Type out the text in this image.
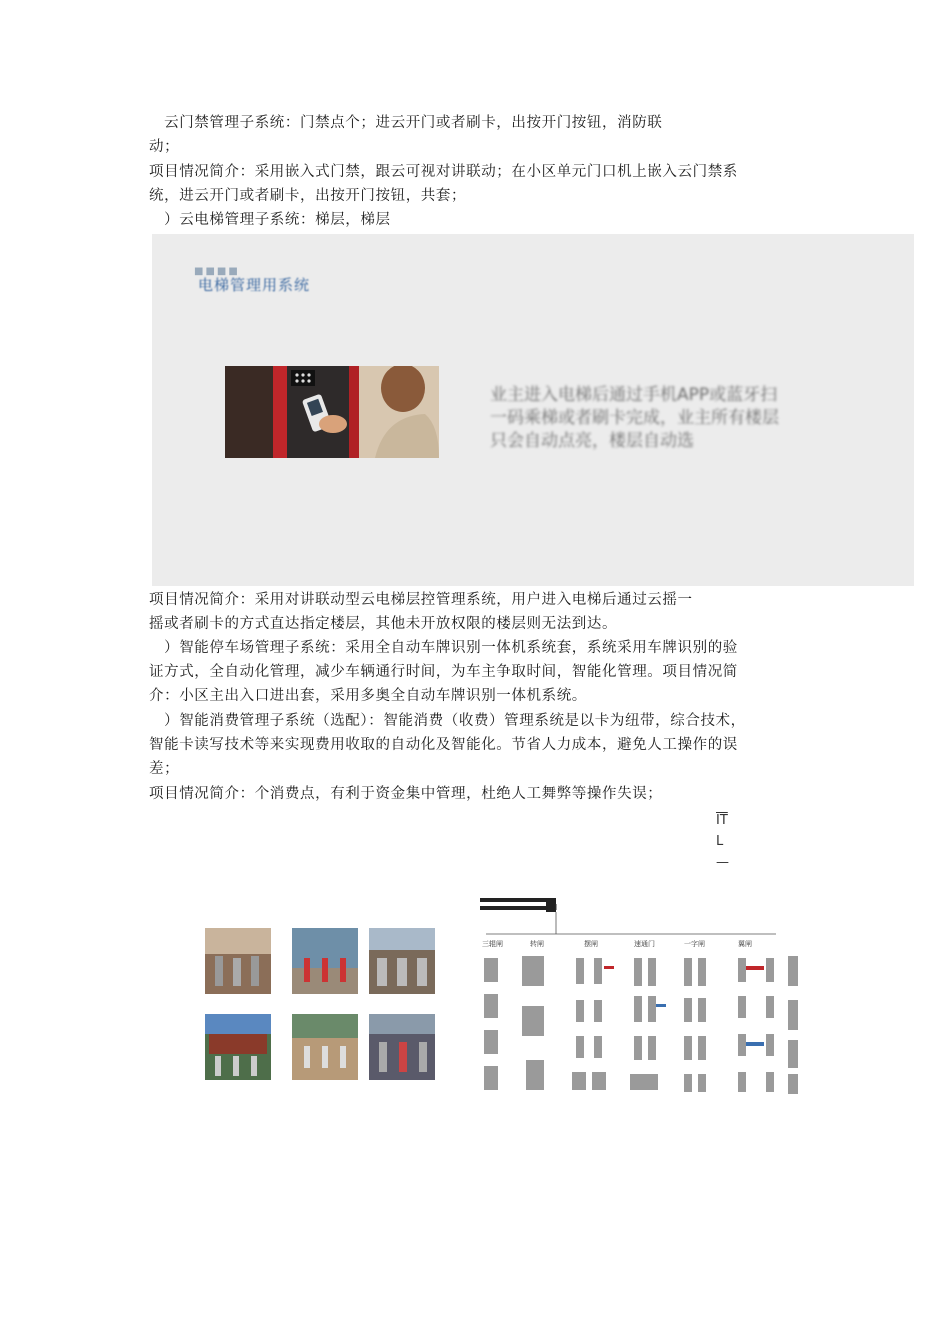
　云门禁管理子系统：门禁点个；进云开门或者刷卡，出按开门按钮，消防联
动；
项目情况简介：采用嵌入式门禁，跟云可视对讲联动；在小区单元门口机上嵌入云门禁系
统，进云开门或者刷卡，出按开门按钮，共套；
　）云电梯管理子系统：梯层，梯层
■■■■
电梯管理用系统
业主进入电梯后通过手机APP或蓝牙扫
一码乘梯或者刷卡完成，业主所有楼层
只会自动点亮，楼层自动选
项目情况简介：采用对讲联动型云电梯层控管理系统，用户进入电梯后通过云摇一
摇或者刷卡的方式直达指定楼层，其他未开放权限的楼层则无法到达。
　）智能停车场管理子系统：采用全自动车牌识别一体机系统套，系统采用车牌识别的验
证方式，全自动化管理，减少车辆通行时间，为车主争取时间，智能化管理。项目情况简
介：小区主出入口进出套，采用多奥全自动车牌识别一体机系统。
　）智能消费管理子系统（选配）：智能消费（收费）管理系统是以卡为纽带，综合技术，
智能卡读写技术等来实现费用收取的自动化及智能化。节省人力成本，避免人工操作的误
差；
项目情况简介：个消费点，有利于资金集中管理，杜绝人工舞弊等操作失误；
$\overline{IT}$
L
—
三辊闸	转闸	摆闸	速通门	一字闸	翼闸
